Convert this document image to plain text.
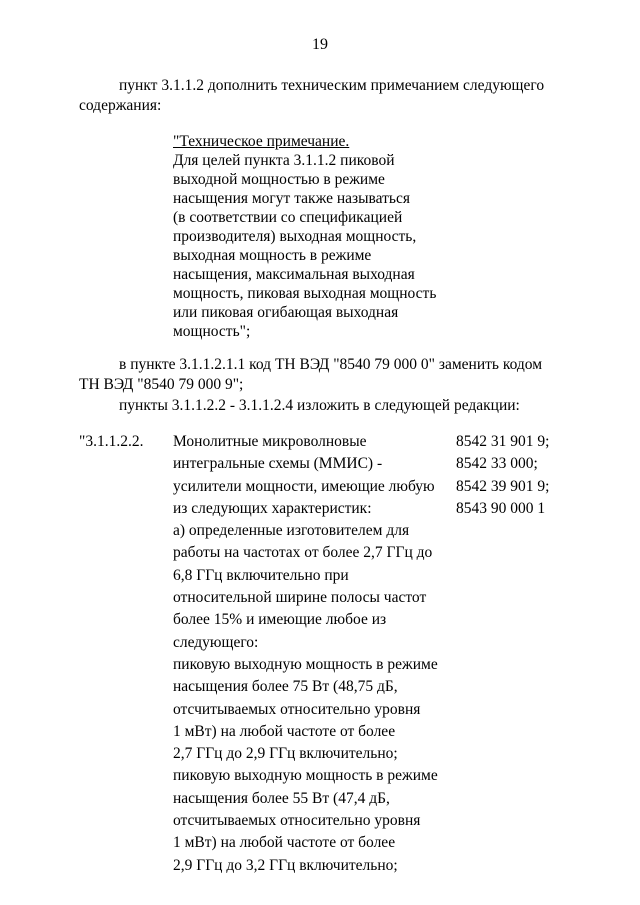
19
пункт 3.1.1.2 дополнить техническим примечанием следующего
содержания:
"Техническое примечание.
Для целей пункта 3.1.1.2 пиковой
выходной мощностью в режиме
насыщения могут также называться
(в соответствии со спецификацией
производителя) выходная мощность,
выходная мощность в режиме
насыщения, максимальная выходная
мощность, пиковая выходная мощность
или пиковая огибающая выходная
мощность";
в пункте 3.1.1.2.1.1 код ТН ВЭД "8540 79 000 0" заменить кодом
ТН ВЭД "8540 79 000 9";
пункты 3.1.1.2.2 - 3.1.1.2.4 изложить в следующей редакции:
"3.1.1.2.2. Монолитные микроволновые
интегральные схемы (ММИС) -
усилители мощности, имеющие любую
из следующих характеристик:
а) определенные изготовителем для
работы на частотах от более 2,7 ГГц до
6,8 ГГц включительно при
относительной ширине полосы частот
более 15% и имеющие любое из
следующего:
пиковую выходную мощность в режиме
насыщения более 75 Вт (48,75 дБ,
отсчитываемых относительно уровня
1 мВт) на любой частоте от более
2,7 ГГц до 2,9 ГГц включительно;
пиковую выходную мощность в режиме
насыщения более 55 Вт (47,4 дБ,
отсчитываемых относительно уровня
1 мВт) на любой частоте от более
2,9 ГГц до 3,2 ГГц включительно;
8542 31 901 9;
8542 33 000;
8542 39 901 9;
8543 90 000 1
